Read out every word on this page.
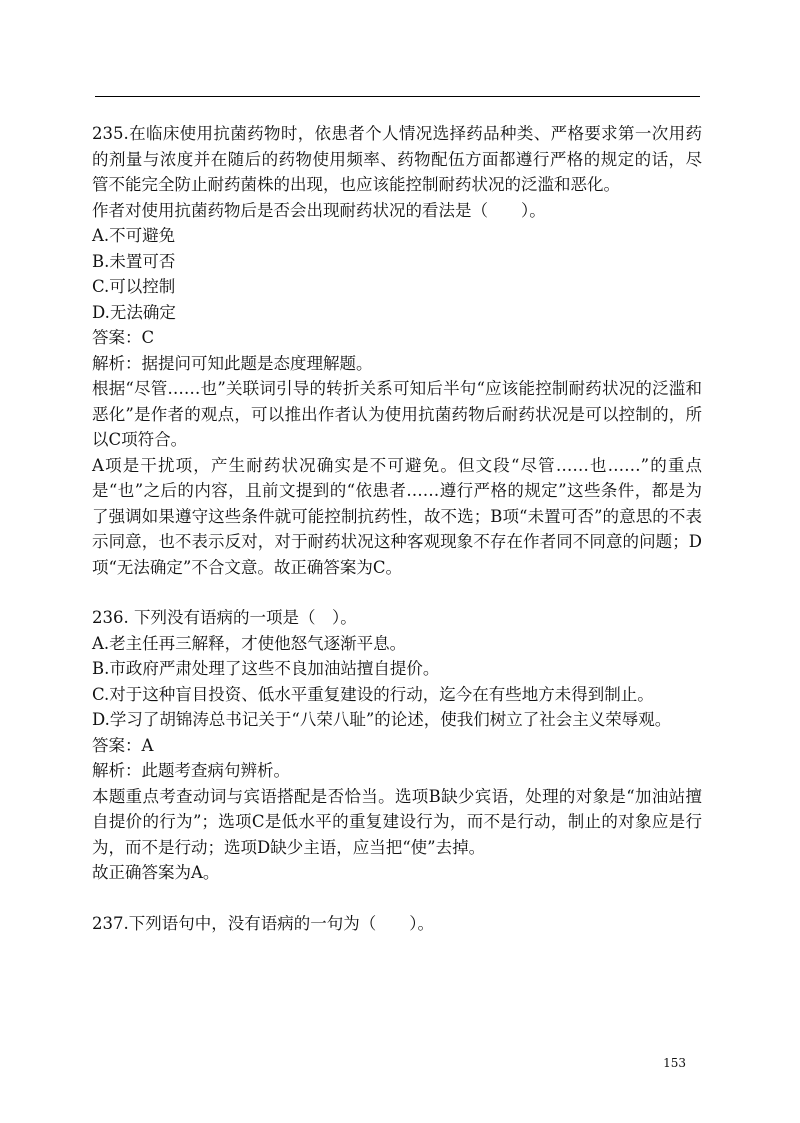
235.在临床使用抗菌药物时，依患者个人情况选择药品种类、严格要求第一次用药的剂量与浓度并在随后的药物使用频率、药物配伍方面都遵行严格的规定的话，尽管不能完全防止耐药菌株的出现，也应该能控制耐药状况的泛滥和恶化。

作者对使用抗菌药物后是否会出现耐药状况的看法是（　　）。

A.不可避免

B.未置可否

C.可以控制

D.无法确定

答案：C

解析：据提问可知此题是态度理解题。

根据“尽管……也”关联词引导的转折关系可知后半句“应该能控制耐药状况的泛滥和恶化”是作者的观点，可以推出作者认为使用抗菌药物后耐药状况是可以控制的，所以C项符合。

A项是干扰项，产生耐药状况确实是不可避免。但文段“尽管……也……”的重点是“也”之后的内容，且前文提到的“依患者……遵行严格的规定”这些条件，都是为了强调如果遵守这些条件就可能控制抗药性，故不选；B项“未置可否”的意思的不表示同意，也不表示反对，对于耐药状况这种客观现象不存在作者同不同意的问题；D项“无法确定”不合文意。故正确答案为C。

236. 下列没有语病的一项是（　）。

A.老主任再三解释，才使他怒气逐渐平息。

B.市政府严肃处理了这些不良加油站擅自提价。

C.对于这种盲目投资、低水平重复建设的行动，迄今在有些地方未得到制止。

D.学习了胡锦涛总书记关于“八荣八耻”的论述，使我们树立了社会主义荣辱观。

答案：A

解析：此题考查病句辨析。

本题重点考查动词与宾语搭配是否恰当。选项B缺少宾语，处理的对象是“加油站擅自提价的行为”；选项C是低水平的重复建设行为，而不是行动，制止的对象应是行为，而不是行动；选项D缺少主语，应当把“使”去掉。

故正确答案为A。

237.下列语句中，没有语病的一句为（　　）。

153
